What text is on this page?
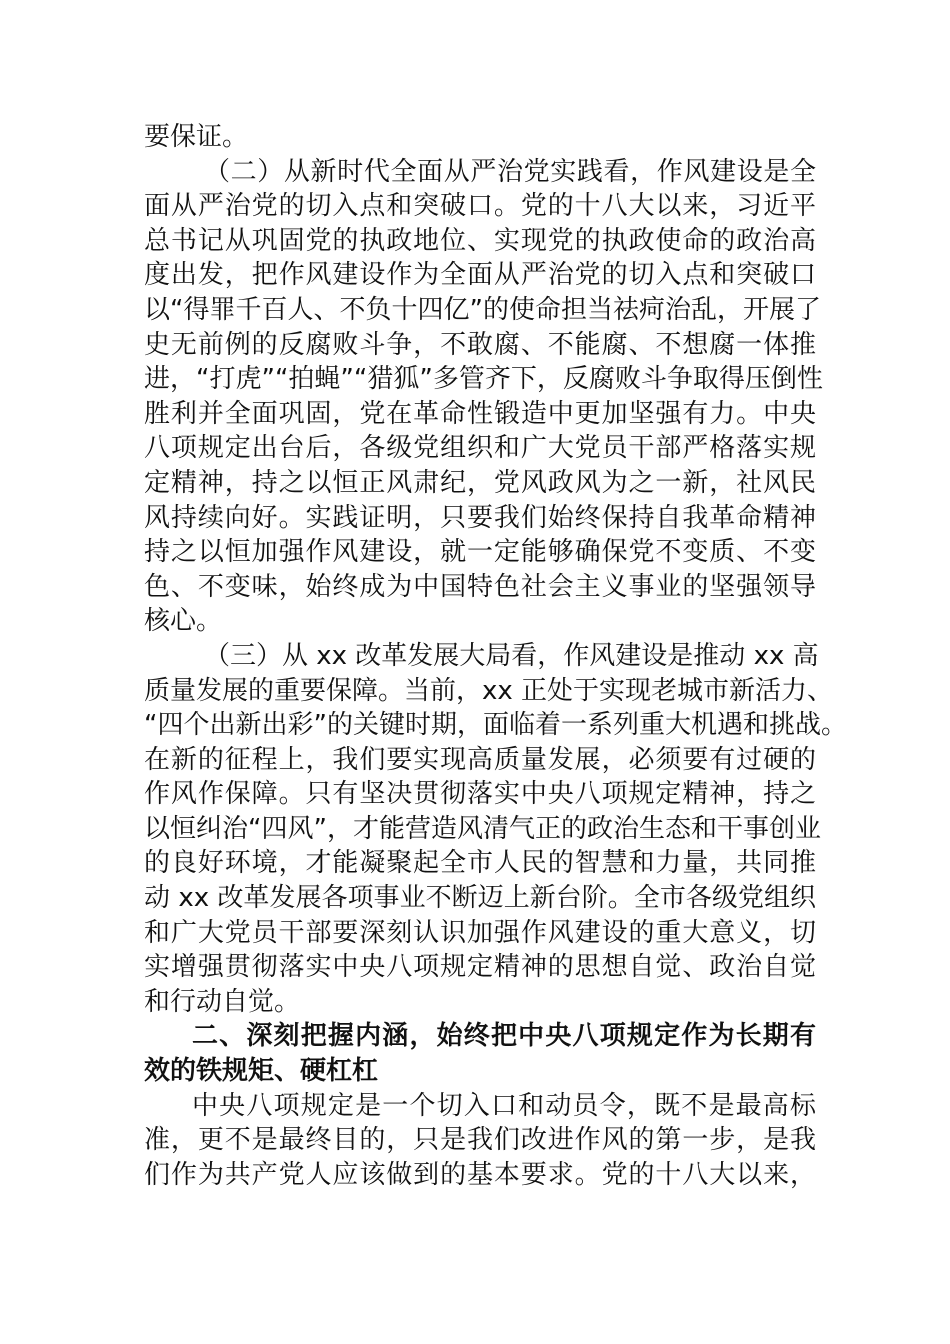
要保证。
（二）从新时代全面从严治党实践看，作风建设是全
面从严治党的切入点和突破口。党的十八大以来，习近平
总书记从巩固党的执政地位、实现党的执政使命的政治高
度出发，把作风建设作为全面从严治党的切入点和突破口
以“得罪千百人、不负十四亿”的使命担当祛疴治乱，开展了
史无前例的反腐败斗争，不敢腐、不能腐、不想腐一体推
进，“打虎”“拍蝇”“猎狐”多管齐下，反腐败斗争取得压倒性
胜利并全面巩固，党在革命性锻造中更加坚强有力。中央
八项规定出台后，各级党组织和广大党员干部严格落实规
定精神，持之以恒正风肃纪，党风政风为之一新，社风民
风持续向好。实践证明，只要我们始终保持自我革命精神
持之以恒加强作风建设，就一定能够确保党不变质、不变
色、不变味，始终成为中国特色社会主义事业的坚强领导
核心。
（三）从 xx 改革发展大局看，作风建设是推动 xx 高
质量发展的重要保障。当前，xx 正处于实现老城市新活力、
“四个出新出彩”的关键时期，面临着一系列重大机遇和挑战。
在新的征程上，我们要实现高质量发展，必须要有过硬的
作风作保障。只有坚决贯彻落实中央八项规定精神，持之
以恒纠治“四风”，才能营造风清气正的政治生态和干事创业
的良好环境，才能凝聚起全市人民的智慧和力量，共同推
动 xx 改革发展各项事业不断迈上新台阶。全市各级党组织
和广大党员干部要深刻认识加强作风建设的重大意义，切
实增强贯彻落实中央八项规定精神的思想自觉、政治自觉
和行动自觉。
二、深刻把握内涵，始终把中央八项规定作为长期有
效的铁规矩、硬杠杠
中央八项规定是一个切入口和动员令，既不是最高标
准，更不是最终目的，只是我们改进作风的第一步，是我
们作为共产党人应该做到的基本要求。党的十八大以来，
